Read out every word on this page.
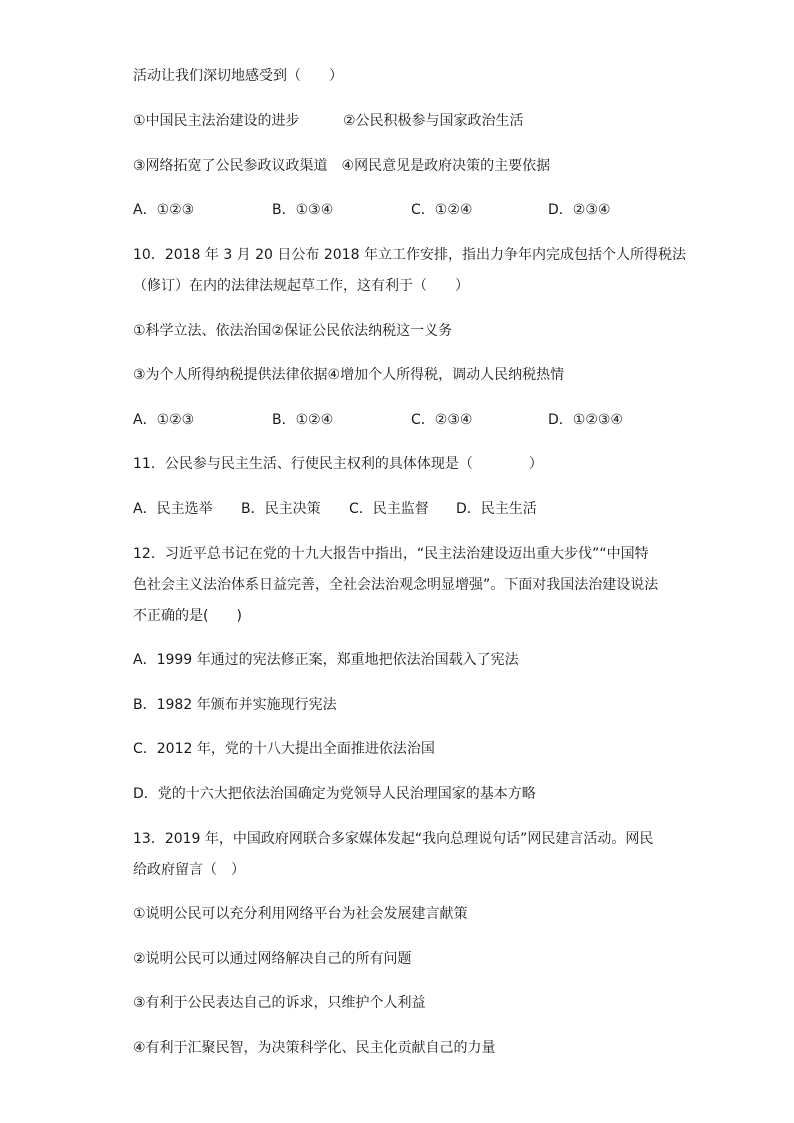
活动让我们深切地感受到（　　）
①中国民主法治建设的进步	②公民积极参与国家政治生活
③网络拓宽了公民参政议政渠道　④网民意见是政府决策的主要依据
A．①②③	B．①③④	C．①②④	D．②③④
10．2018 年 3 月 20 日公布 2018 年立工作安排，指出力争年内完成包括个人所得税法
（修订）在内的法律法规起草工作，这有利于（　　）
①科学立法、依法治国②保证公民依法纳税这一义务
③为个人所得纳税提供法律依据④增加个人所得税，调动人民纳税热情
A．①②③	B．①②④	C．②③④	D．①②③④
11．公民参与民主生活、行使民主权利的具体体现是（　　　　）
A．民主选举 B．民主决策 C．民主监督 D．民主生活
12．习近平总书记在党的十九大报告中指出，“民主法治建设迈出重大步伐”“中国特
色社会主义法治体系日益完善，全社会法治观念明显增强”。下面对我国法治建设说法
不正确的是(　　)
A．1999 年通过的宪法修正案，郑重地把依法治国载入了宪法
B．1982 年颁布并实施现行宪法
C．2012 年，党的十八大提出全面推进依法治国
D．党的十六大把依法治国确定为党领导人民治理国家的基本方略
13．2019 年，中国政府网联合多家媒体发起“我向总理说句话”网民建言活动。网民
给政府留言（　）
①说明公民可以充分利用网络平台为社会发展建言献策
②说明公民可以通过网络解决自己的所有问题
③有利于公民表达自己的诉求，只维护个人利益
④有利于汇聚民智，为决策科学化、民主化贡献自己的力量
